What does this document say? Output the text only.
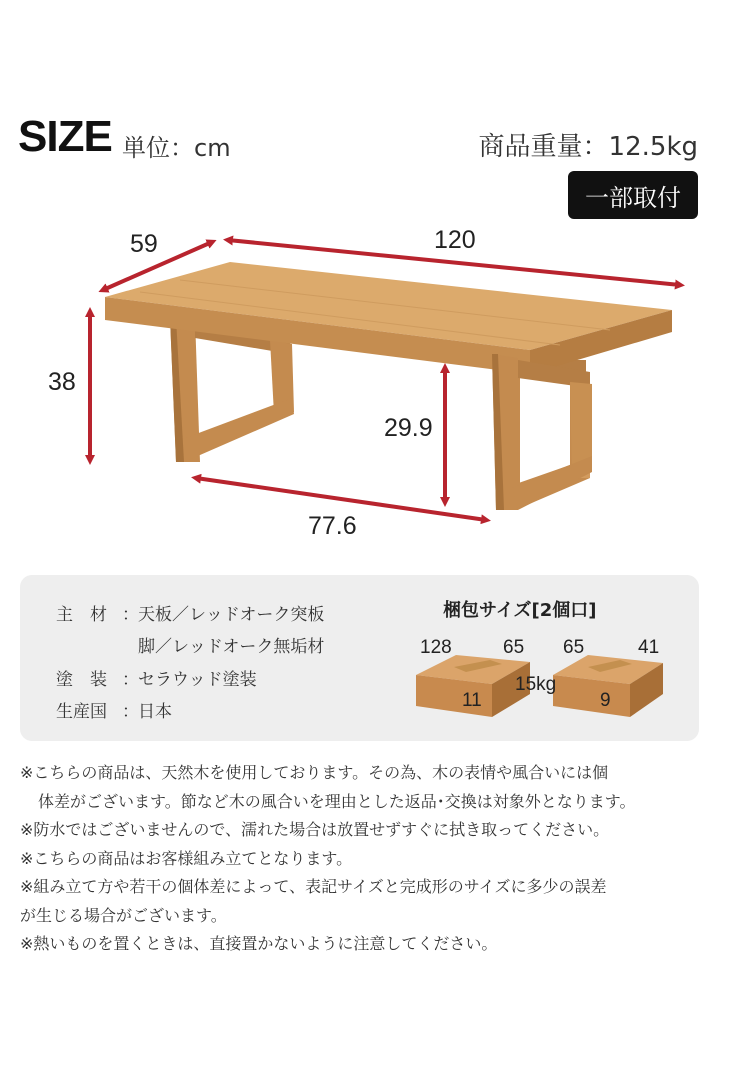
SIZE 単位：cm	商品重量：12.5kg
一部取付
59	120
38
29.9
77.6
主　材 ：天板／レッドオーク突板
脚／レッドオーク無垢材
塗　装 ：セラウッド塗装
生産国 ：日本
梱包サイズ[2個口]
128	65
11
65	41
9
15kg
※こちらの商品は、天然木を使用しております。その為、木の表情や風合いには個
体差がございます。節など木の風合いを理由とした返品･交換は対象外となります。
※防水ではございませんので、濡れた場合は放置せずすぐに拭き取ってください。
※こちらの商品はお客様組み立てとなります。
※組み立て方や若干の個体差によって、表記サイズと完成形のサイズに多少の誤差
が生じる場合がございます。
※熱いものを置くときは、直接置かないように注意してください。
